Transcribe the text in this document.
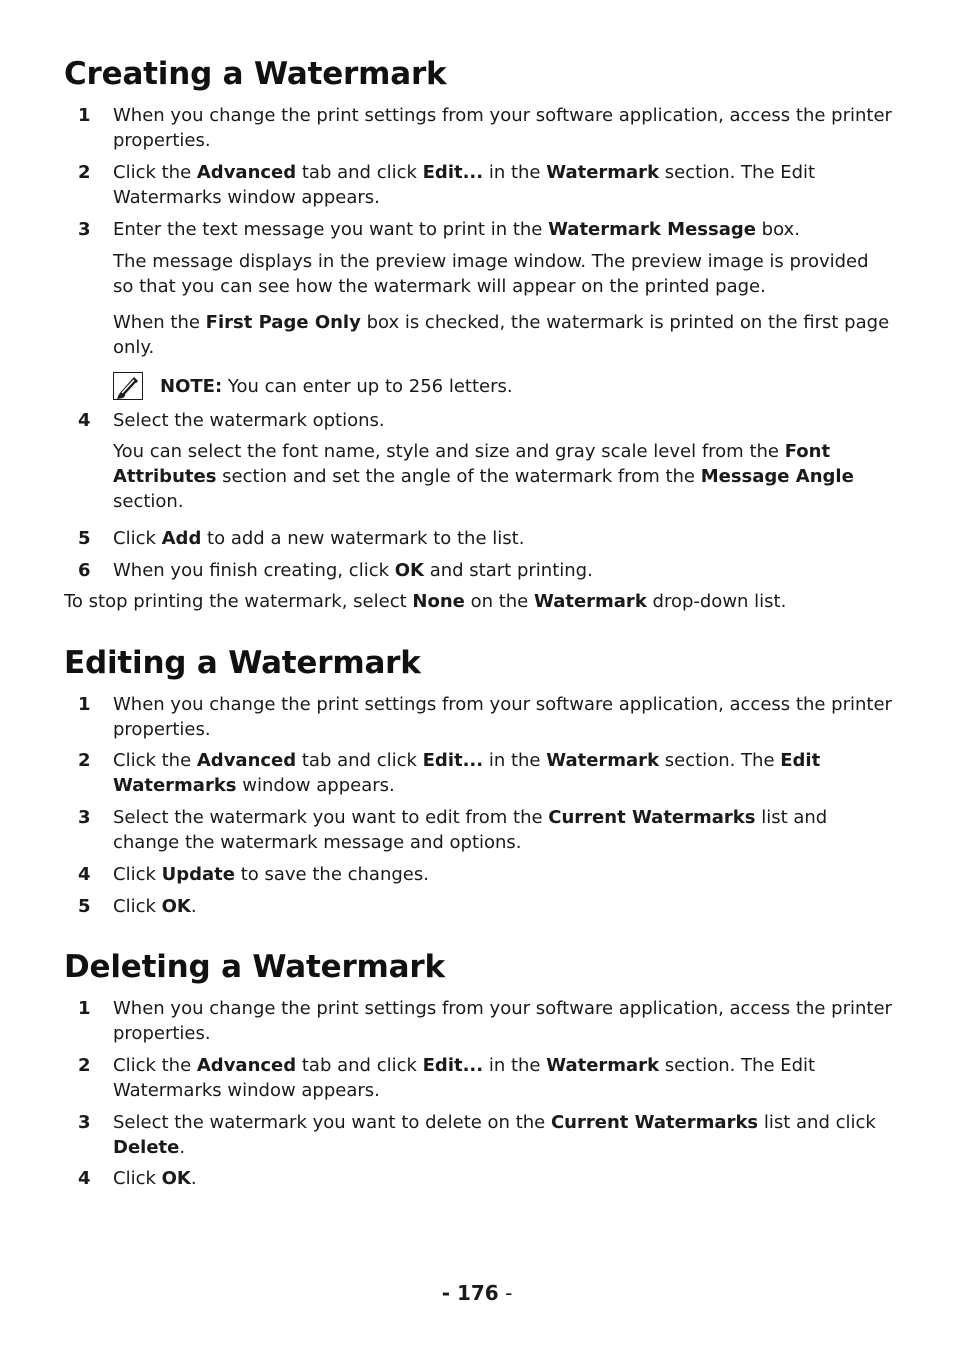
Creating a Watermark

1 When you change the print settings from your software application, access the printer properties.

2 Click the Advanced tab and click Edit... in the Watermark section. The Edit Watermarks window appears.

3 Enter the text message you want to print in the Watermark Message box.

The message displays in the preview image window. The preview image is provided so that you can see how the watermark will appear on the printed page.

When the First Page Only box is checked, the watermark is printed on the first page only.

NOTE: You can enter up to 256 letters.

4 Select the watermark options.

You can select the font name, style and size and gray scale level from the Font Attributes section and set the angle of the watermark from the Message Angle section.

5 Click Add to add a new watermark to the list.

6 When you finish creating, click OK and start printing.

To stop printing the watermark, select None on the Watermark drop-down list.

Editing a Watermark

1 When you change the print settings from your software application, access the printer properties.

2 Click the Advanced tab and click Edit... in the Watermark section. The Edit Watermarks window appears.

3 Select the watermark you want to edit from the Current Watermarks list and change the watermark message and options.

4 Click Update to save the changes.

5 Click OK.

Deleting a Watermark

1 When you change the print settings from your software application, access the printer properties.

2 Click the Advanced tab and click Edit... in the Watermark section. The Edit Watermarks window appears.

3 Select the watermark you want to delete on the Current Watermarks list and click Delete.

4 Click OK.

- 176 -
